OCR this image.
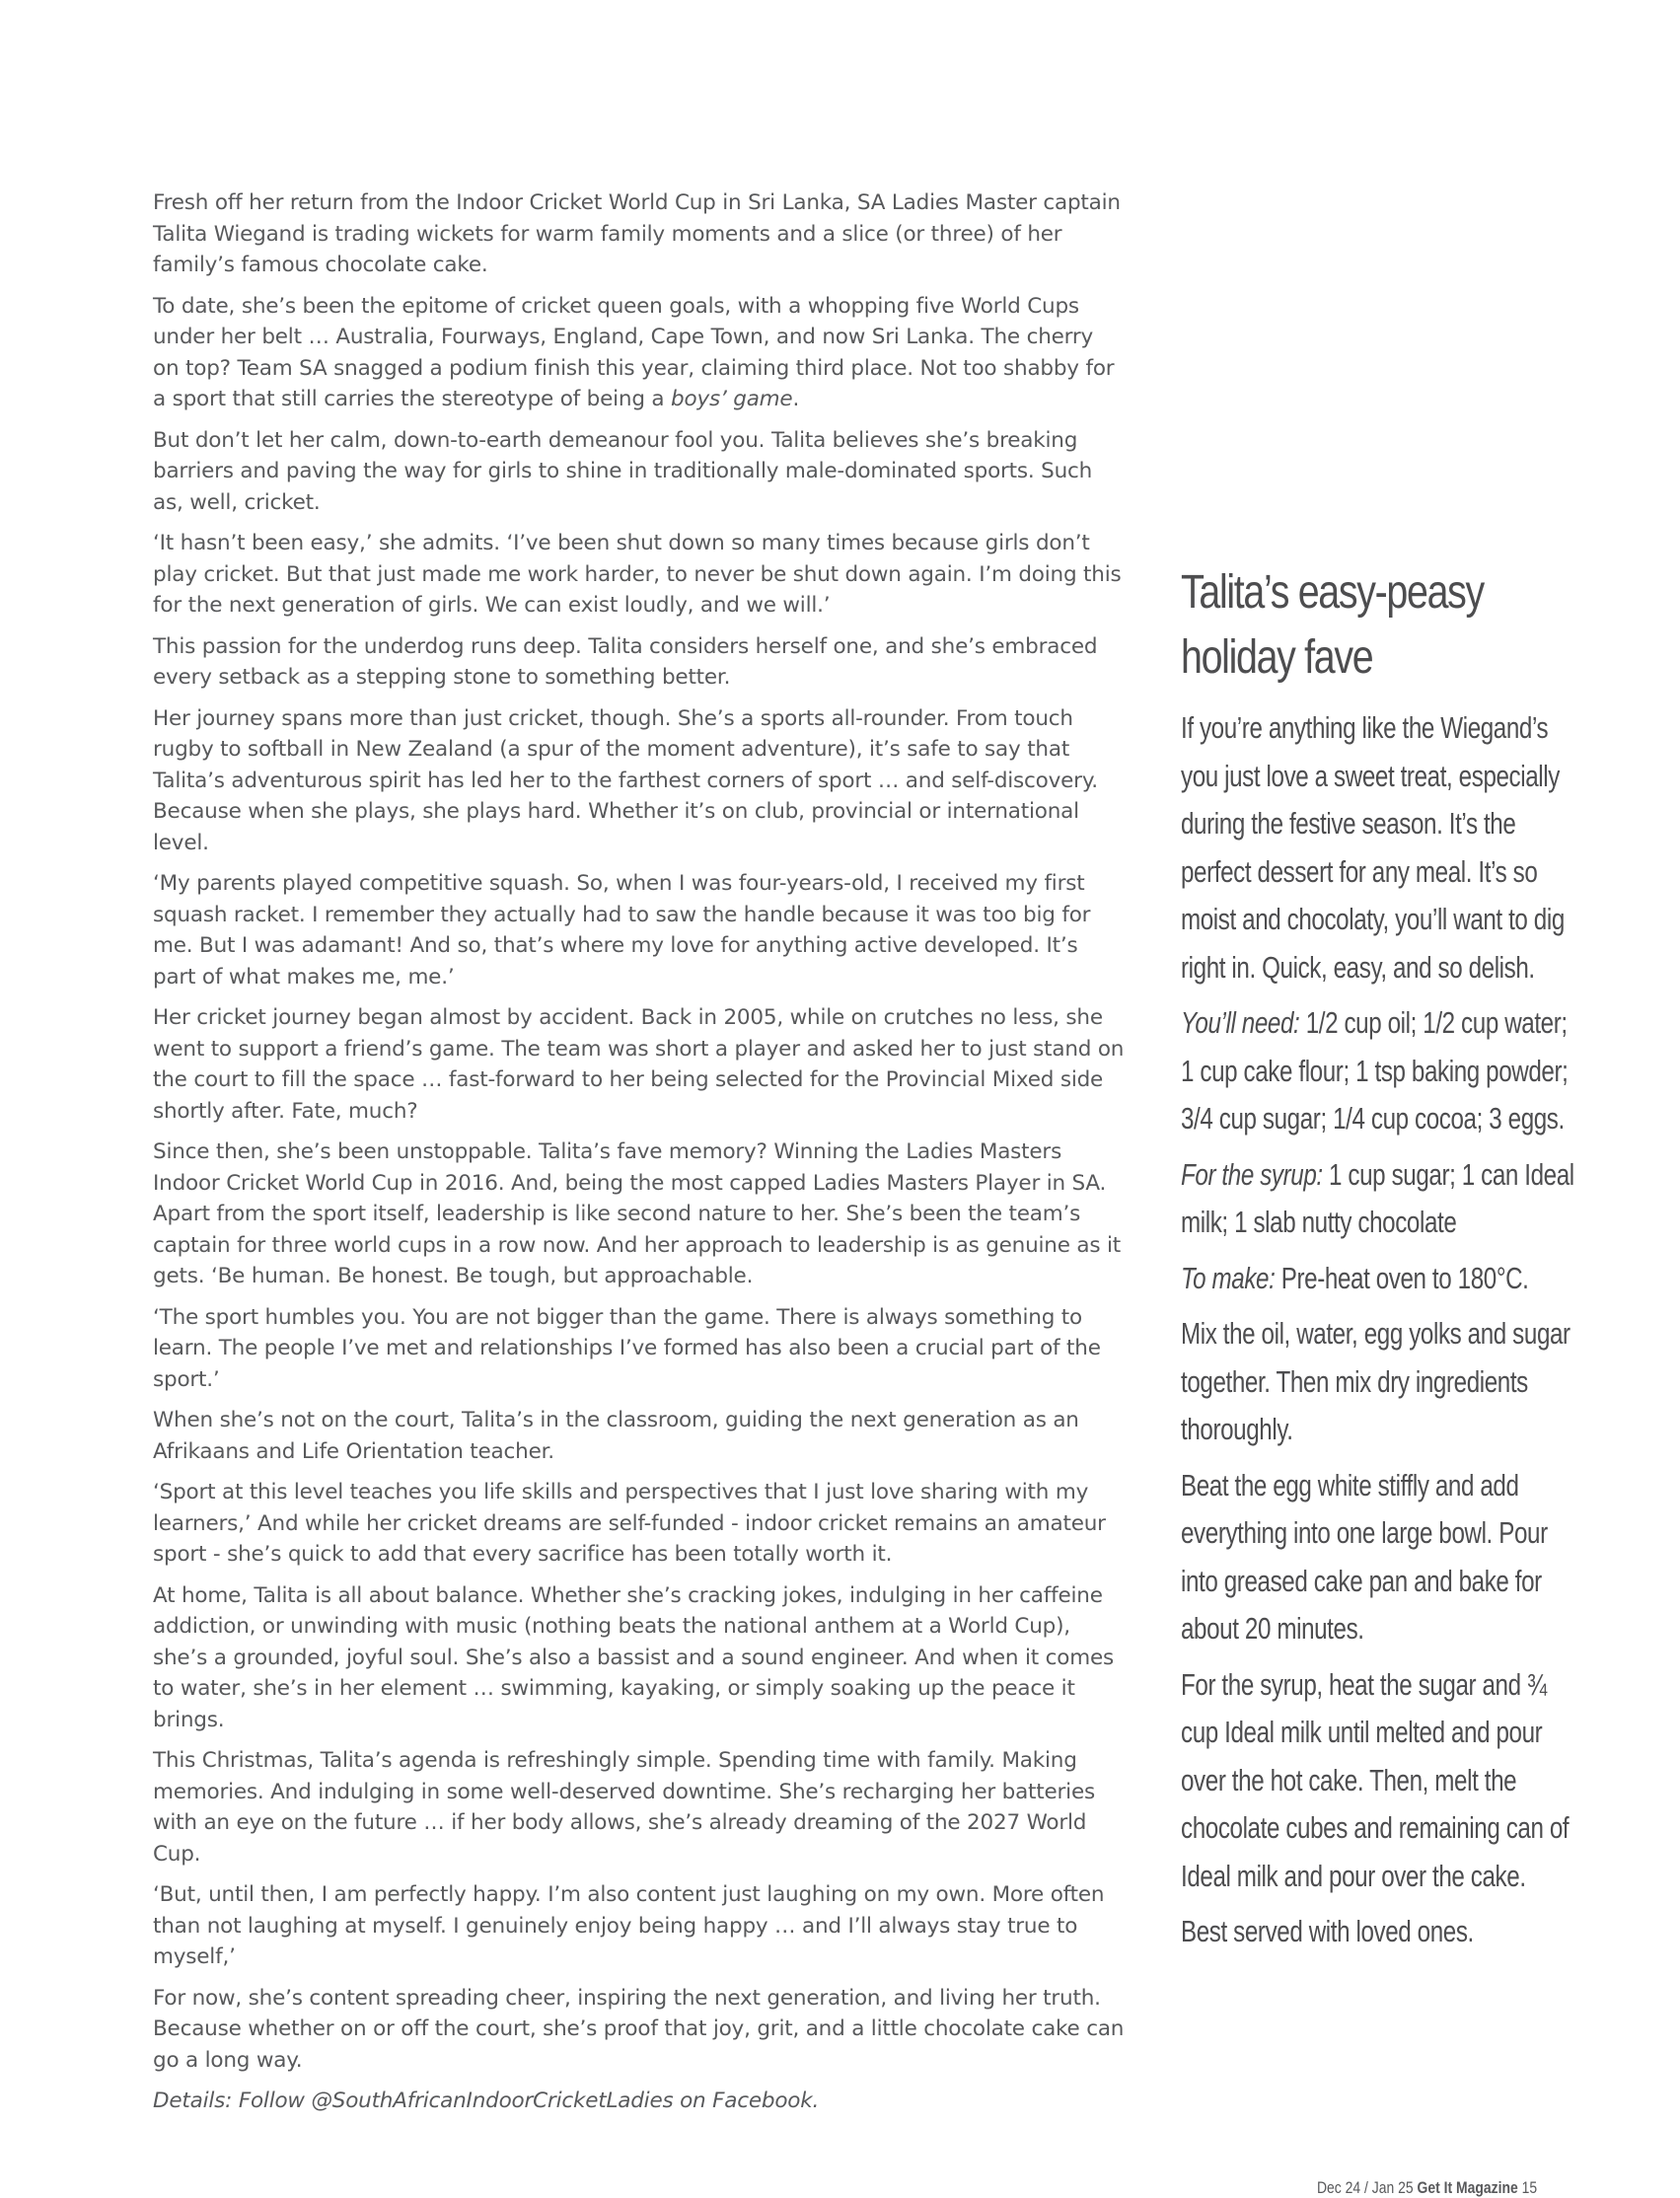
Fresh off her return from the Indoor Cricket World Cup in Sri Lanka, SA Ladies Master captain Talita Wiegand is trading wickets for warm family moments and a slice (or three) of her family’s famous chocolate cake.

To date, she’s been the epitome of cricket queen goals, with a whopping five World Cups under her belt … Australia, Fourways, England, Cape Town, and now Sri Lanka. The cherry on top? Team SA snagged a podium finish this year, claiming third place. Not too shabby for a sport that still carries the stereotype of being a boys’ game.

But don’t let her calm, down-to-earth demeanour fool you. Talita believes she’s breaking barriers and paving the way for girls to shine in traditionally male-dominated sports. Such as, well, cricket.

‘It hasn’t been easy,’ she admits. ‘I’ve been shut down so many times because girls don’t play cricket. But that just made me work harder, to never be shut down again. I’m doing this for the next generation of girls. We can exist loudly, and we will.’

This passion for the underdog runs deep. Talita considers herself one, and she’s embraced every setback as a stepping stone to something better.

Her journey spans more than just cricket, though. She’s a sports all-rounder. From touch rugby to softball in New Zealand (a spur of the moment adventure), it’s safe to say that Talita’s adventurous spirit has led her to the farthest corners of sport … and self-discovery. Because when she plays, she plays hard. Whether it’s on club, provincial or international level.

‘My parents played competitive squash. So, when I was four-years-old, I received my first squash racket. I remember they actually had to saw the handle because it was too big for me. But I was adamant! And so, that’s where my love for anything active developed. It’s part of what makes me, me.’

Her cricket journey began almost by accident. Back in 2005, while on crutches no less, she went to support a friend’s game. The team was short a player and asked her to just stand on the court to fill the space … fast-forward to her being selected for the Provincial Mixed side shortly after. Fate, much?

Since then, she’s been unstoppable. Talita’s fave memory? Winning the Ladies Masters Indoor Cricket World Cup in 2016. And, being the most capped Ladies Masters Player in SA. Apart from the sport itself, leadership is like second nature to her. She’s been the team’s captain for three world cups in a row now. And her approach to leadership is as genuine as it gets. ‘Be human. Be honest. Be tough, but approachable.

‘The sport humbles you. You are not bigger than the game. There is always something to learn. The people I’ve met and relationships I’ve formed has also been a crucial part of the sport.’

When she’s not on the court, Talita’s in the classroom, guiding the next generation as an Afrikaans and Life Orientation teacher.

‘Sport at this level teaches you life skills and perspectives that I just love sharing with my learners,’ And while her cricket dreams are self-funded - indoor cricket remains an amateur sport - she’s quick to add that every sacrifice has been totally worth it.

At home, Talita is all about balance. Whether she’s cracking jokes, indulging in her caffeine addiction, or unwinding with music (nothing beats the national anthem at a World Cup), she’s a grounded, joyful soul. She’s also a bassist and a sound engineer. And when it comes to water, she’s in her element … swimming, kayaking, or simply soaking up the peace it brings.

This Christmas, Talita’s agenda is refreshingly simple. Spending time with family. Making memories. And indulging in some well-deserved downtime. She’s recharging her batteries with an eye on the future … if her body allows, she’s already dreaming of the 2027 World Cup.

‘But, until then, I am perfectly happy. I’m also content just laughing on my own. More often than not laughing at myself. I genuinely enjoy being happy … and I’ll always stay true to myself,’

For now, she’s content spreading cheer, inspiring the next generation, and living her truth. Because whether on or off the court, she’s proof that joy, grit, and a little chocolate cake can go a long way.

Details: Follow @SouthAfricanIndoorCricketLadies on Facebook.

Talita’s easy-peasy holiday fave

If you’re anything like the Wiegand’s you just love a sweet treat, especially during the festive season. It’s the perfect dessert for any meal. It’s so moist and chocolaty, you’ll want to dig right in. Quick, easy, and so delish.

You’ll need: 1/2 cup oil; 1/2 cup water; 1 cup cake flour; 1 tsp baking powder; 3/4 cup sugar; 1/4 cup cocoa; 3 eggs.

For the syrup: 1 cup sugar; 1 can Ideal milk; 1 slab nutty chocolate

To make: Pre-heat oven to 180°C.

Mix the oil, water, egg yolks and sugar together. Then mix dry ingredients thoroughly.

Beat the egg white stiffly and add everything into one large bowl. Pour into greased cake pan and bake for about 20 minutes.

For the syrup, heat the sugar and ¾ cup Ideal milk until melted and pour over the hot cake. Then, melt the chocolate cubes and remaining can of Ideal milk and pour over the cake.

Best served with loved ones.

Dec 24 / Jan 25 Get It Magazine 15
